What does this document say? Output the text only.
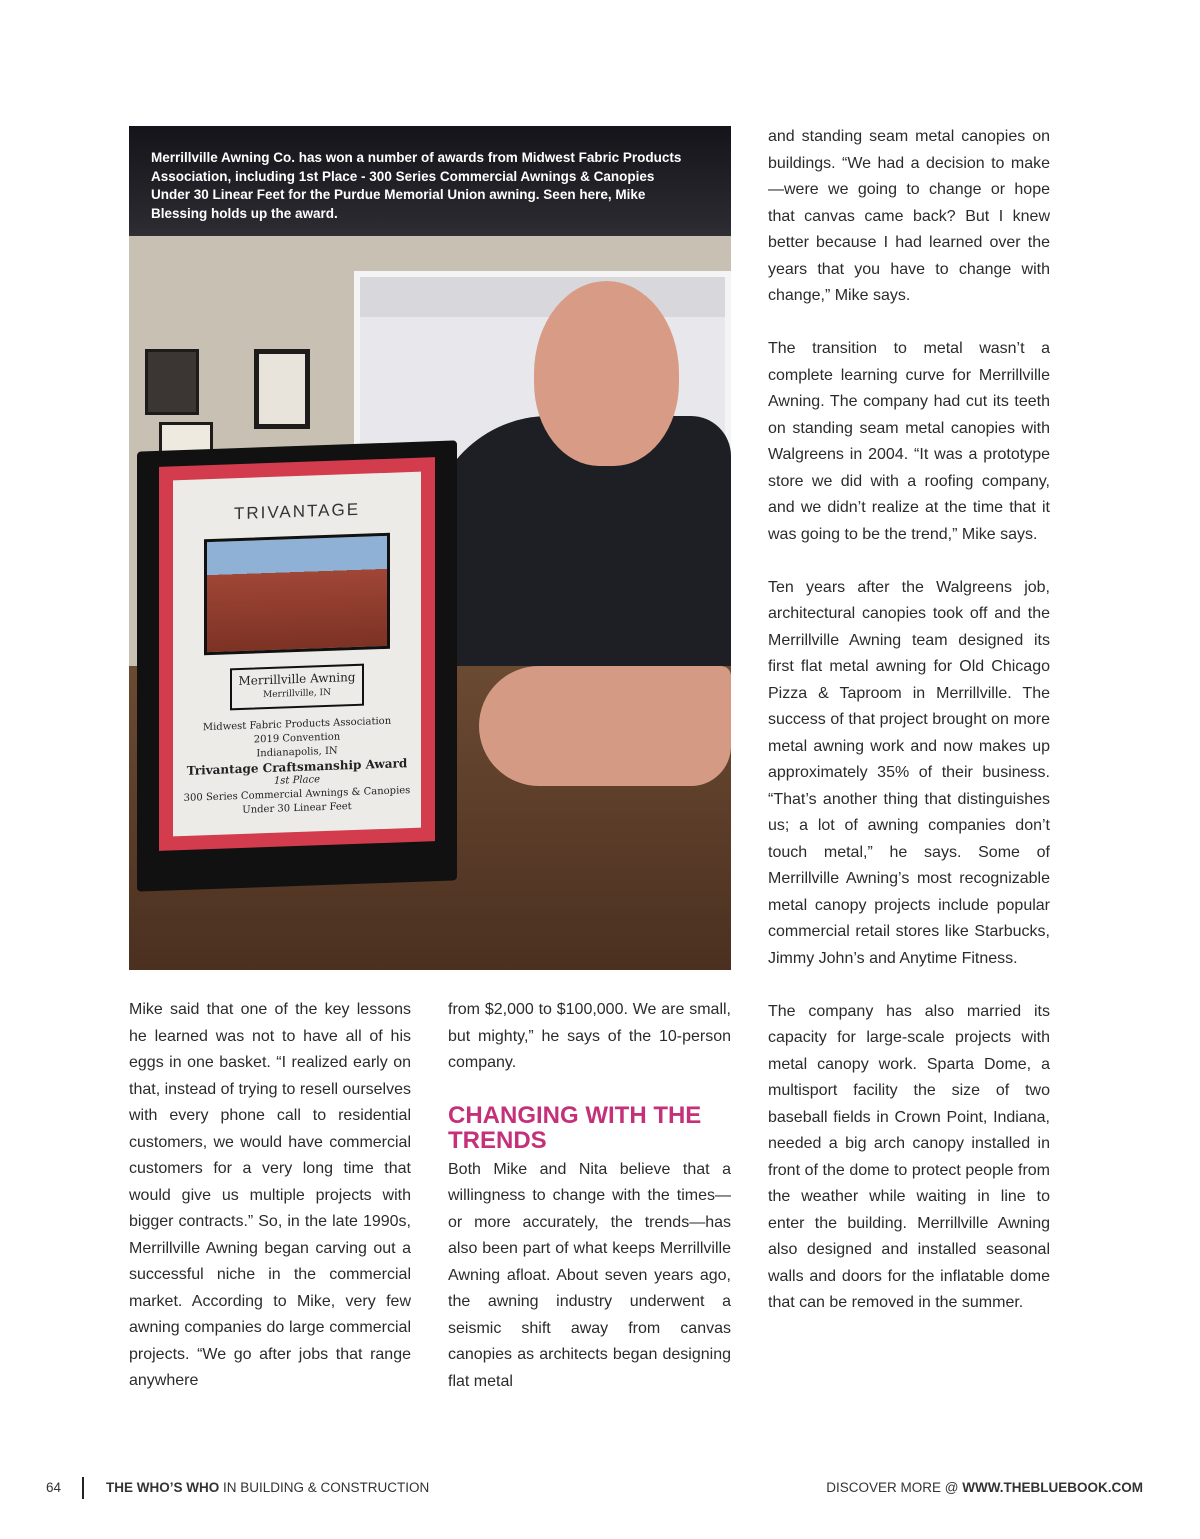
TRIVANTAGE
Merrillville Awning
Merrillville, IN
Midwest Fabric Products Association
2019 Convention
Indianapolis, IN
Trivantage Craftsmanship Award
1st Place
300 Series Commercial Awnings & Canopies Under 30 Linear Feet
Merrillville Awning Co. has won a number of awards from Midwest Fabric Products Association, including 1st Place - 300 Series Commercial Awnings & Canopies Under 30 Linear Feet for the Purdue Memorial Union awning. Seen here, Mike Blessing holds up the award.

Mike said that one of the key lessons he learned was not to have all of his eggs in one basket. “I realized early on that, instead of trying to resell ourselves with every phone call to residential customers, we would have commercial customers for a very long time that would give us multiple projects with bigger contracts.” So, in the late 1990s, Merrillville Awning began carving out a successful niche in the commercial market. According to Mike, very few awning companies do large commercial projects. “We go after jobs that range anywhere

from $2,000 to $100,000. We are small, but mighty,” he says of the 10-person company.

CHANGING WITH THE TRENDS

Both Mike and Nita believe that a willingness to change with the times—or more accurately, the trends—has also been part of what keeps Merrillville Awning afloat. About seven years ago, the awning industry underwent a seismic shift away from canvas canopies as architects began designing flat metal

and standing seam metal canopies on buildings. “We had a decision to make—were we going to change or hope that canvas came back? But I knew better because I had learned over the years that you have to change with change,” Mike says.

The transition to metal wasn’t a complete learning curve for Merrillville Awning. The company had cut its teeth on standing seam metal canopies with Walgreens in 2004. “It was a prototype store we did with a roofing company, and we didn’t realize at the time that it was going to be the trend,” Mike says.

Ten years after the Walgreens job, architectural canopies took off and the Merrillville Awning team designed its first flat metal awning for Old Chicago Pizza & Taproom in Merrillville. The success of that project brought on more metal awning work and now makes up approximately 35% of their business. “That’s another thing that distinguishes us; a lot of awning companies don’t touch metal,” he says. Some of Merrillville Awning’s most recognizable metal canopy projects include popular commercial retail stores like Starbucks, Jimmy John’s and Anytime Fitness.

The company has also married its capacity for large-scale projects with metal canopy work. Sparta Dome, a multisport facility the size of two baseball fields in Crown Point, Indiana, needed a big arch canopy installed in front of the dome to protect people from the weather while waiting in line to enter the building. Merrillville Awning also designed and installed seasonal walls and doors for the inflatable dome that can be removed in the summer.

64	THE WHO’S WHO IN BUILDING & CONSTRUCTION	DISCOVER MORE @ WWW.THEBLUEBOOK.COM
